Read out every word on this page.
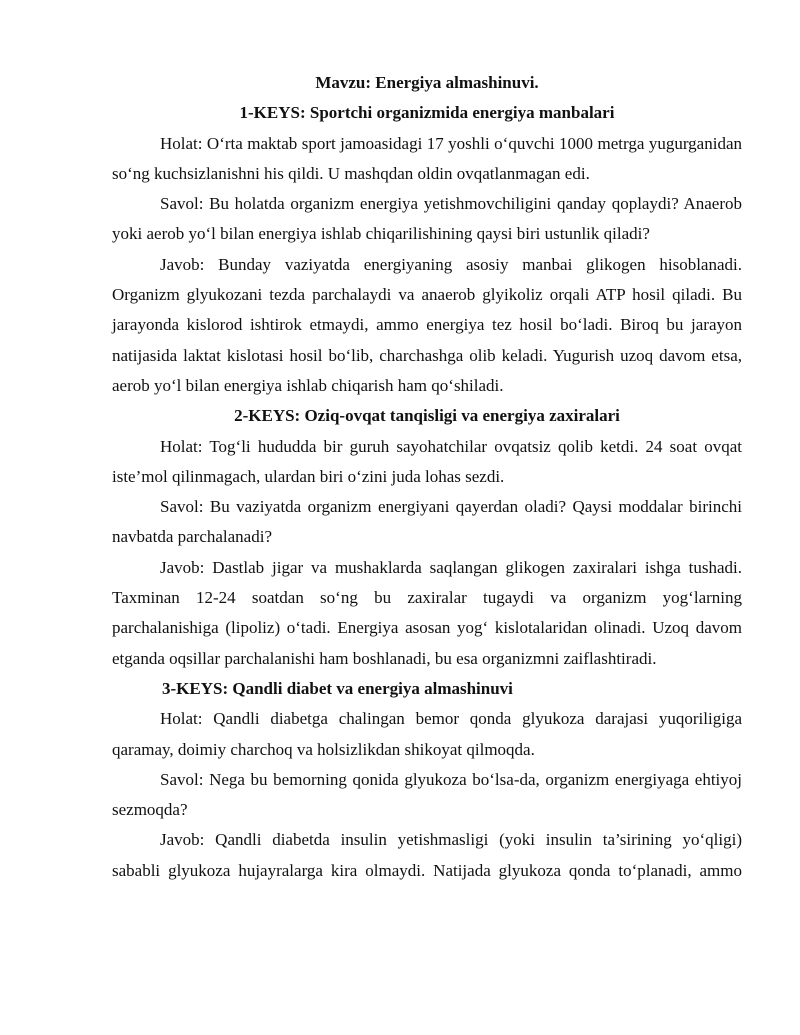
Mavzu: Energiya almashinuvi.

1-KEYS: Sportchi organizmida energiya manbalari

Holat: O‘rta maktab sport jamoasidagi 17 yoshli o‘quvchi 1000 metrga yugurganidan so‘ng kuchsizlanishni his qildi. U mashqdan oldin ovqatlanmagan edi.

Savol: Bu holatda organizm energiya yetishmovchiligini qanday qoplaydi? Anaerob yoki aerob yo‘l bilan energiya ishlab chiqarilishining qaysi biri ustunlik qiladi?

Javob: Bunday vaziyatda energiyaning asosiy manbai glikogen hisoblanadi. Organizm glyukozani tezda parchalaydi va anaerob glyikoliz orqali ATP hosil qiladi. Bu jarayonda kislorod ishtirok etmaydi, ammo energiya tez hosil bo‘ladi. Biroq bu jarayon natijasida laktat kislotasi hosil bo‘lib, charchashga olib keladi. Yugurish uzoq davom etsa, aerob yo‘l bilan energiya ishlab chiqarish ham qo‘shiladi.

2-KEYS: Oziq-ovqat tanqisligi va energiya zaxiralari

Holat: Tog‘li hududda bir guruh sayohatchilar ovqatsiz qolib ketdi. 24 soat ovqat iste’mol qilinmagach, ulardan biri o‘zini juda lohas sezdi.

Savol: Bu vaziyatda organizm energiyani qayerdan oladi? Qaysi moddalar birinchi navbatda parchalanadi?

Javob: Dastlab jigar va mushaklarda saqlangan glikogen zaxiralari ishga tushadi. Taxminan 12-24 soatdan so‘ng bu zaxiralar tugaydi va organizm yog‘larning parchalanishiga (lipoliz) o‘tadi. Energiya asosan yog‘ kislotalaridan olinadi. Uzoq davom etganda oqsillar parchalanishi ham boshlanadi, bu esa organizmni zaiflashtiradi.

3-KEYS: Qandli diabet va energiya almashinuvi

Holat: Qandli diabetga chalingan bemor qonda glyukoza darajasi yuqoriligiga qaramay, doimiy charchoq va holsizlikdan shikoyat qilmoqda.

Savol: Nega bu bemorning qonida glyukoza bo‘lsa-da, organizm energiyaga ehtiyoj sezmoqda?

Javob: Qandli diabetda insulin yetishmasligi (yoki insulin ta’sirining yo‘qligi) sababli glyukoza hujayralarga kira olmaydi. Natijada glyukoza qonda to‘planadi, ammo
